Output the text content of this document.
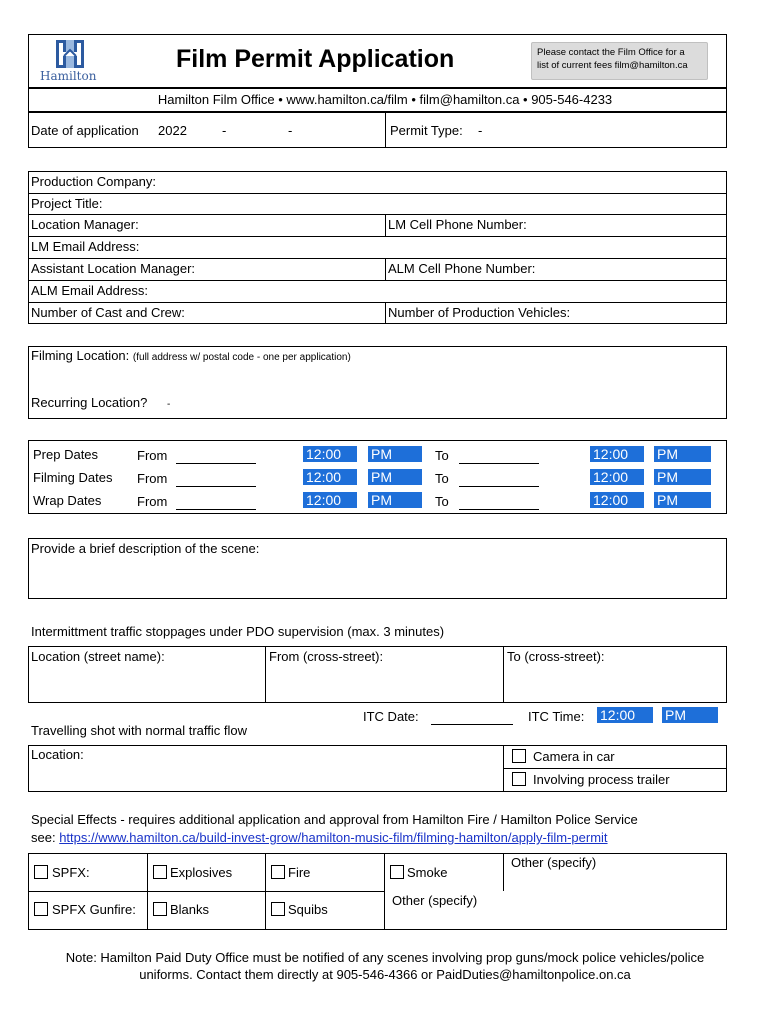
Hamilton
Film Permit Application	Please contact the Film Office for a
list of current fees film@hamilton.ca
Hamilton Film Office • www.hamilton.ca/film • film@hamilton.ca • 905-546-4233
Date of application 2022	-	-	Permit Type: -
Production Company:
Project Title:
Location Manager:	LM Cell Phone Number:
LM Email Address:
Assistant Location Manager:	ALM Cell Phone Number:
ALM Email Address:
Number of Cast and Crew:	Number of Production Vehicles:
Filming Location: (full address w/ postal code - one per application)
Recurring Location? -
Prep Dates	From	12:00	PM	To	12:00	PM
Filming Dates From	12:00	PM	To	12:00	PM
Wrap Dates	From	12:00	PM	To	12:00	PM
Provide a brief description of the scene:
Intermittment traffic stoppages under PDO supervision (max. 3 minutes)
Location (street name):	From (cross-street):	To (cross-street):
ITC Date:	ITC Time: 12:00	PM
Travelling shot with normal traffic flow
Location:	Camera in car
Involving process trailer
Special Effects - requires additional application and approval from Hamilton Fire / Hamilton Police Service
see: https://www.hamilton.ca/build-invest-grow/hamilton-music-film/filming-hamilton/apply-film-permit
SPFX:	Explosives	Fire	Smoke
Other (specify)
SPFX Gunfire:	Blanks	Squibs
Other (specify)
Note: Hamilton Paid Duty Office must be notified of any scenes involving prop guns/mock police vehicles/police
uniforms. Contact them directly at 905-546-4366 or PaidDuties@hamiltonpolice.on.ca
